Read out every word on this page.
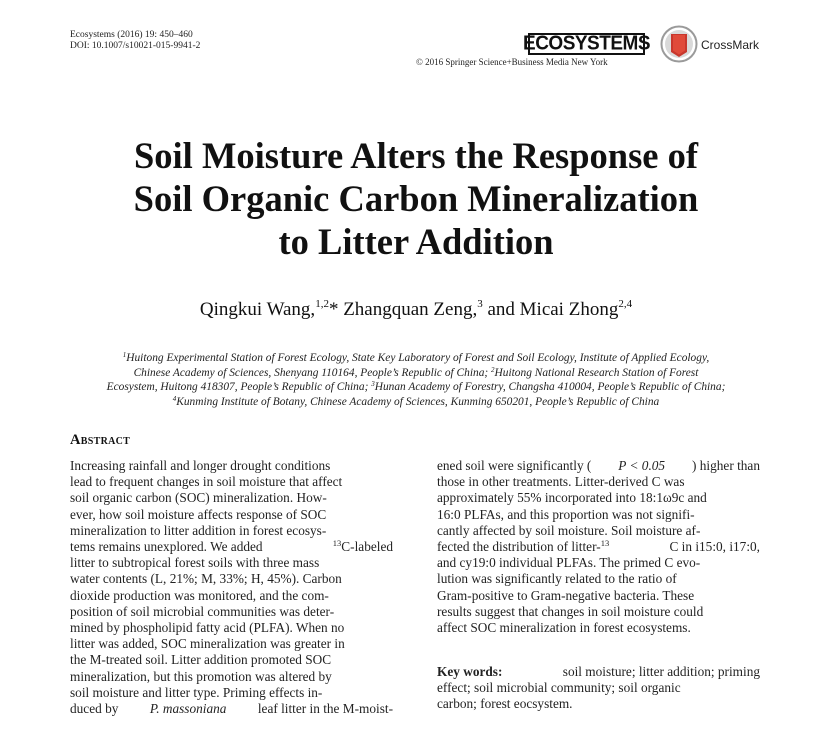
Ecosystems (2016) 19: 450–460
DOI: 10.1007/s10021-015-9941-2	ECOSYSTEMS
© 2016 Springer Science+Business Media New York
CrossMark
Soil Moisture Alters the Response of
Soil Organic Carbon Mineralization
to Litter Addition
Qingkui Wang,$^{1,2}$* Zhangquan Zeng,$^3$ and Micai Zhong$^{2,4}$
$^1$Huitong Experimental Station of Forest Ecology, State Key Laboratory of Forest and Soil Ecology, Institute of Applied Ecology,
Chinese Academy of Sciences, Shenyang 110164, People’s Republic of China; $^2$Huitong National Research Station of Forest
Ecosystem, Huitong 418307, People’s Republic of China; $^3$Hunan Academy of Forestry, Changsha 410004, People’s Republic of China;
$^4$Kunming Institute of Botany, Chinese Academy of Sciences, Kunming 650201, People’s Republic of China
Abstract
Increasing rainfall and longer drought conditions
lead to frequent changes in soil moisture that affect
soil organic carbon (SOC) mineralization. How-
ever, how soil moisture affects response of SOC
mineralization to litter addition in forest ecosys-
tems remains unexplored. We added	$^{13}$C-labeled
litter to subtropical forest soils with three mass
water contents (L, 21%; M, 33%; H, 45%). Carbon
dioxide production was monitored, and the com-
position of soil microbial communities was deter-
mined by phospholipid fatty acid (PLFA). When no
litter was added, SOC mineralization was greater in
the M-treated soil. Litter addition promoted SOC
mineralization, but this promotion was altered by
soil moisture and litter type. Priming effects in-
duced by P. massoniana leaf litter in the M-moist-
ened soil were significantly ( P < 0.05 ) higher than
those in other treatments. Litter-derived C was
approximately 55% incorporated into 18:1ω9c and
16:0 PLFAs, and this proportion was not signifi-
cantly affected by soil moisture. Soil moisture af-
fected the distribution of litter-$^{13}$	C in i15:0, i17:0,
and cy19:0 individual PLFAs. The primed C evo-
lution was significantly related to the ratio of
Gram-positive to Gram-negative bacteria. These
results suggest that changes in soil moisture could
affect SOC mineralization in forest ecosystems.
Key words:	soil moisture; litter addition; priming
effect; soil microbial community; soil organic
carbon; forest eocsystem.
